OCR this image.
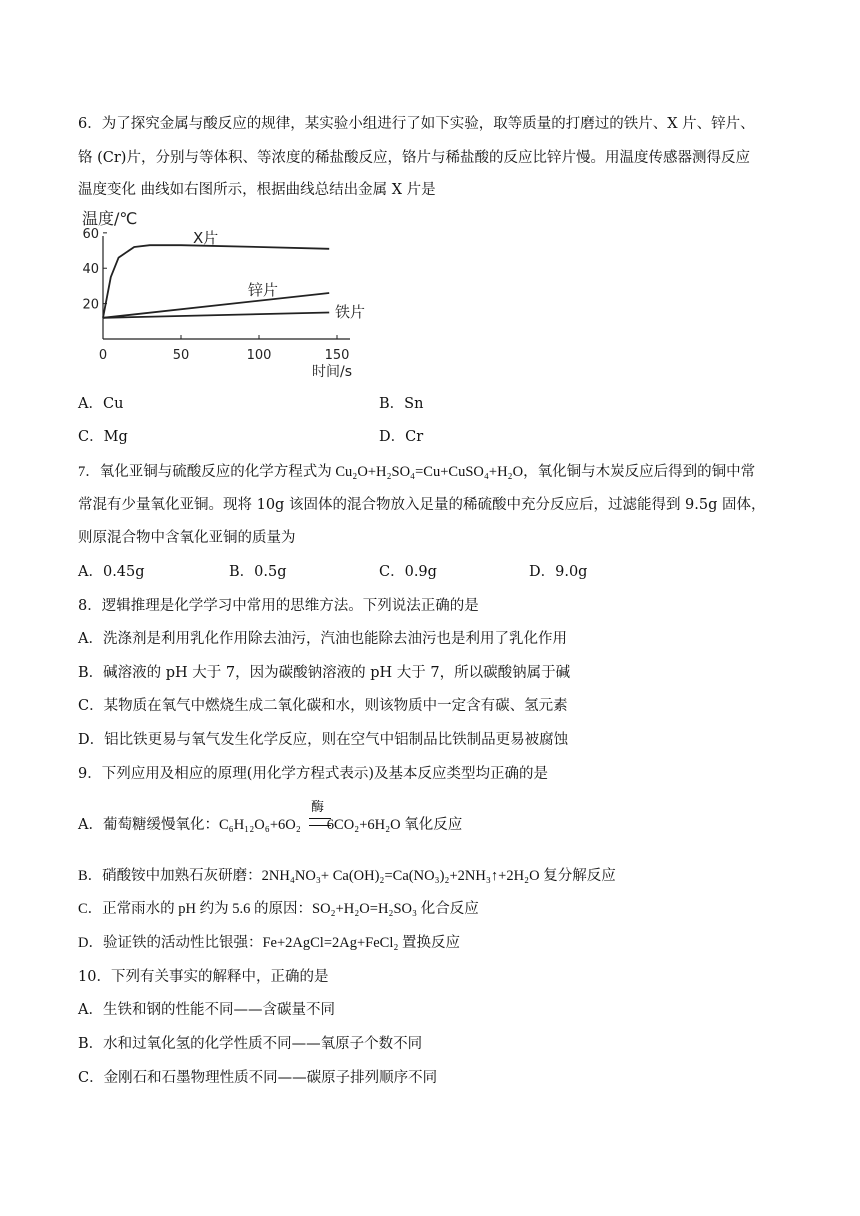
6．为了探究金属与酸反应的规律，某实验小组进行了如下实验，取等质量的打磨过的铁片、X 片、锌片、
铬 (Cr)片，分别与等体积、等浓度的稀盐酸反应，铬片与稀盐酸的反应比锌片慢。用温度传感器测得反应
温度变化 曲线如右图所示，根据曲线总结出金属 X 片是
温度/℃
时间/s
20
40
60
0	50	100	150
X片
锌片
铁片
A．Cu	B．Sn
C．Mg	D．Cr
7．氧化亚铜与硫酸反应的化学方程式为 Cu₂O+H₂SO₄=Cu+CuSO₄+H₂O，氧化铜与木炭反应后得到的铜中常
常混有少量氧化亚铜。现将 10g 该固体的混合物放入足量的稀硫酸中充分反应后，过滤能得到 9.5g 固体，
则原混合物中含氧化亚铜的质量为
A．0.45g	B．0.5g	C．0.9g	D．9.0g
8．逻辑推理是化学学习中常用的思维方法。下列说法正确的是
A．洗涤剂是利用乳化作用除去油污，汽油也能除去油污也是利用了乳化作用
B．碱溶液的 pH 大于 7，因为碳酸钠溶液的 pH 大于 7，所以碳酸钠属于碱
C．某物质在氧气中燃烧生成二氧化碳和水，则该物质中一定含有碳、氢元素
D．铝比铁更易与氧气发生化学反应，则在空气中铝制品比铁制品更易被腐蚀
9．下列应用及相应的原理(用化学方程式表示)及基本反应类型均正确的是
A．葡萄糖缓慢氧化：C₆H₁₂O₆+6O₂ 6CO₂+6H₂O 氧化反应
酶
B．硝酸铵中加熟石灰研磨：2NH₄NO₃+ Ca(OH)₂=Ca(NO₃)₂+2NH₃↑+2H₂O 复分解反应
C．正常雨水的 pH 约为 5.6 的原因：SO₂+H₂O=H₂SO₃ 化合反应
D．验证铁的活动性比银强：Fe+2AgCl=2Ag+FeCl₂ 置换反应
10．下列有关事实的解释中，正确的是
A．生铁和钢的性能不同——含碳量不同
B．水和过氧化氢的化学性质不同——氧原子个数不同
C．金刚石和石墨物理性质不同——碳原子排列顺序不同
